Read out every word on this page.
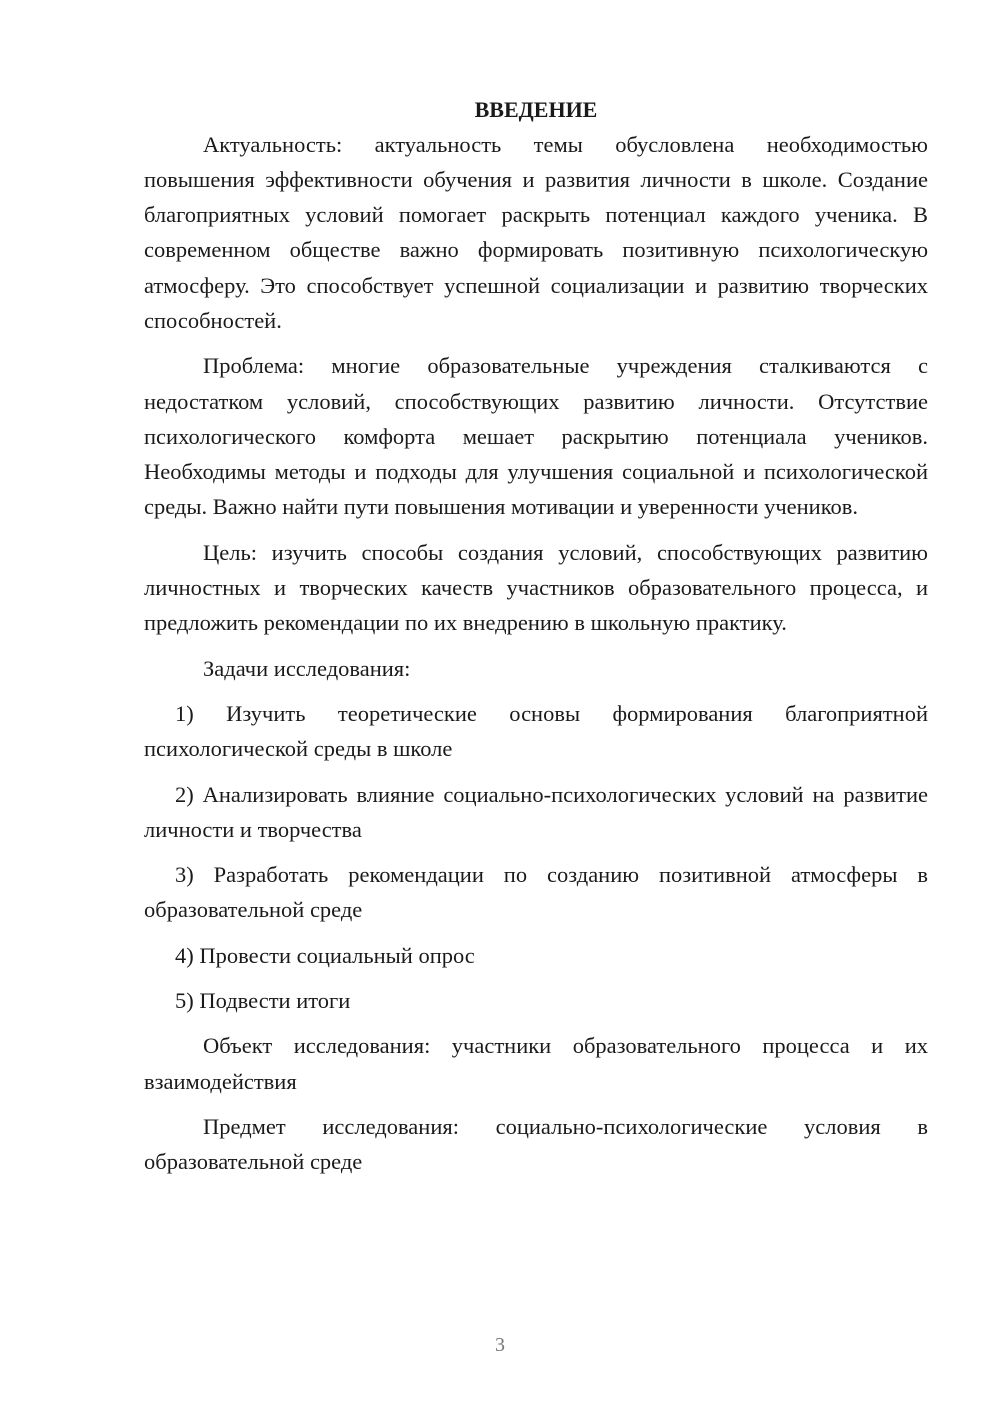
ВВЕДЕНИЕ

Актуальность: актуальность темы обусловлена необходимостью повышения эффективности обучения и развития личности в школе. Создание благоприятных условий помогает раскрыть потенциал каждого ученика. В современном обществе важно формировать позитивную психологическую атмосферу. Это способствует успешной социализации и развитию творческих способностей.

Проблема: многие образовательные учреждения сталкиваются с недостатком условий, способствующих развитию личности. Отсутствие психологического комфорта мешает раскрытию потенциала учеников. Необходимы методы и подходы для улучшения социальной и психологической среды. Важно найти пути повышения мотивации и уверенности учеников.

Цель: изучить способы создания условий, способствующих развитию личностных и творческих качеств участников образовательного процесса, и предложить рекомендации по их внедрению в школьную практику.

Задачи исследования:

1) Изучить теоретические основы формирования благоприятной психологической среды в школе

2) Анализировать влияние социально-психологических условий на развитие личности и творчества

3) Разработать рекомендации по созданию позитивной атмосферы в образовательной среде

4) Провести социальный опрос

5) Подвести итоги

Объект исследования: участники образовательного процесса и их взаимодействия

Предмет исследования: социально-психологические условия в образовательной среде

3
